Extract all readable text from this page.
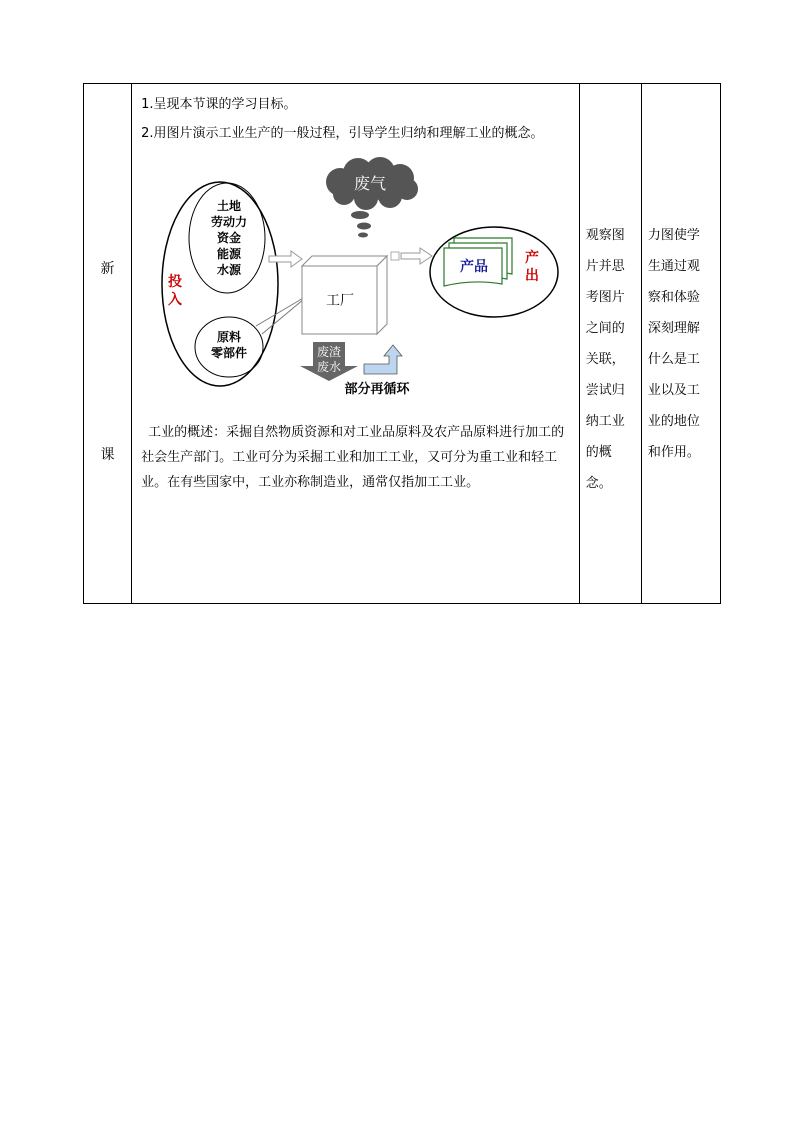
新
课

1.呈现本节课的学习目标。
2.用图片演示工业生产的一般过程，引导学生归纳和理解工业的概念。
废气
土地
劳动力
资金
能源
水源
原料
零部件
投
入	工厂
产品
产
出
废渣
废水
部分再循环
工业的概述：采掘自然物质资源和对工业品原料及农产品原料进行加工的社会生产部门。工业可分为采掘工业和加工工业，又可分为重工业和轻工业。在有些国家中，工业亦称制造业，通常仅指加工工业。

观察图片并思考图片之间的关联，尝试归纳工业的概念。

力图使学生通过观察和体验深刻理解什么是工业以及工业的地位和作用。
